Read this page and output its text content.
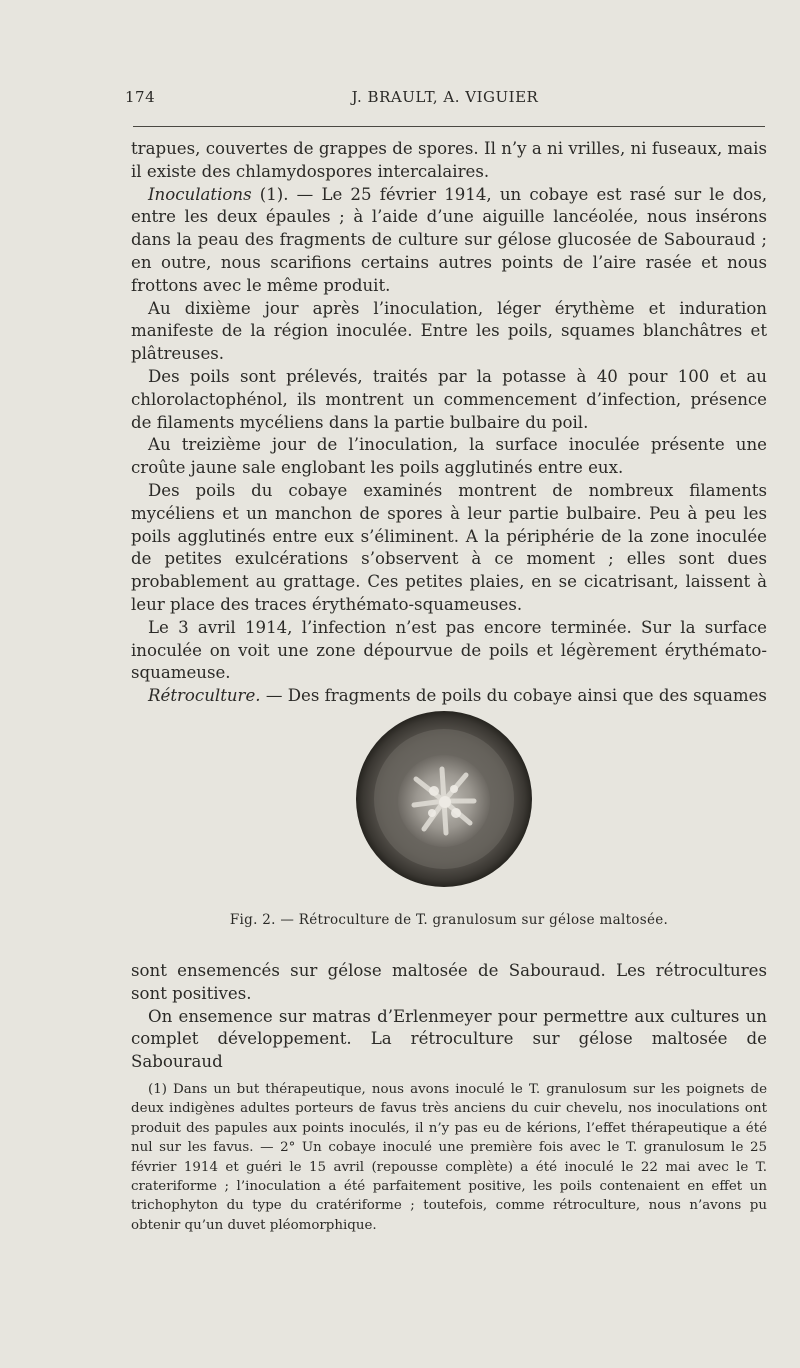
174	J. BRAULT, A. VIGUIER

trapues, couvertes de grappes de spores. Il n’y a ni vrilles, ni fuseaux, mais il existe des chlamydospores intercalaires.

Inoculations (1). — Le 25 février 1914, un cobaye est rasé sur le dos, entre les deux épaules ; à l’aide d’une aiguille lancéolée, nous insérons dans la peau des fragments de culture sur gélose glucosée de Sabouraud ; en outre, nous scarifions certains autres points de l’aire rasée et nous frottons avec le même produit.

Au dixième jour après l’inoculation, léger érythème et induration manifeste de la région inoculée. Entre les poils, squames blanchâtres et plâtreuses.

Des poils sont prélevés, traités par la potasse à 40 pour 100 et au chlorolactophénol, ils montrent un commencement d’infection, présence de filaments mycéliens dans la partie bulbaire du poil.

Au treizième jour de l’inoculation, la surface inoculée présente une croûte jaune sale englobant les poils agglutinés entre eux.

Des poils du cobaye examinés montrent de nombreux filaments mycéliens et un manchon de spores à leur partie bulbaire. Peu à peu les poils agglutinés entre eux s’éliminent. A la périphérie de la zone inoculée de petites exulcérations s’observent à ce moment ; elles sont dues probablement au grattage. Ces petites plaies, en se cicatrisant, laissent à leur place des traces érythémato-squameuses.

Le 3 avril 1914, l’infection n’est pas encore terminée. Sur la surface inoculée on voit une zone dépourvue de poils et légèrement érythémato-squameuse.

Rétroculture. — Des fragments de poils du cobaye ainsi que des squames

Fig. 2. — Rétroculture de T. granulosum sur gélose maltosée.

sont ensemencés sur gélose maltosée de Sabouraud. Les rétrocultures sont positives.

On ensemence sur matras d’Erlenmeyer pour permettre aux cultures un complet développement. La rétroculture sur gélose maltosée de Sabouraud

(1) Dans un but thérapeutique, nous avons inoculé le T. granulosum sur les poignets de deux indigènes adultes porteurs de favus très anciens du cuir chevelu, nos inoculations ont produit des papules aux points inoculés, il n’y pas eu de kérions, l’effet thérapeutique a été nul sur les favus. — 2° Un cobaye inoculé une première fois avec le T. granulosum le 25 février 1914 et guéri le 15 avril (repousse complète) a été inoculé le 22 mai avec le T. crateriforme ; l’inoculation a été parfaitement positive, les poils contenaient en effet un trichophyton du type du cratériforme ; toutefois, comme rétroculture, nous n’avons pu obtenir qu’un duvet pléomorphique.
